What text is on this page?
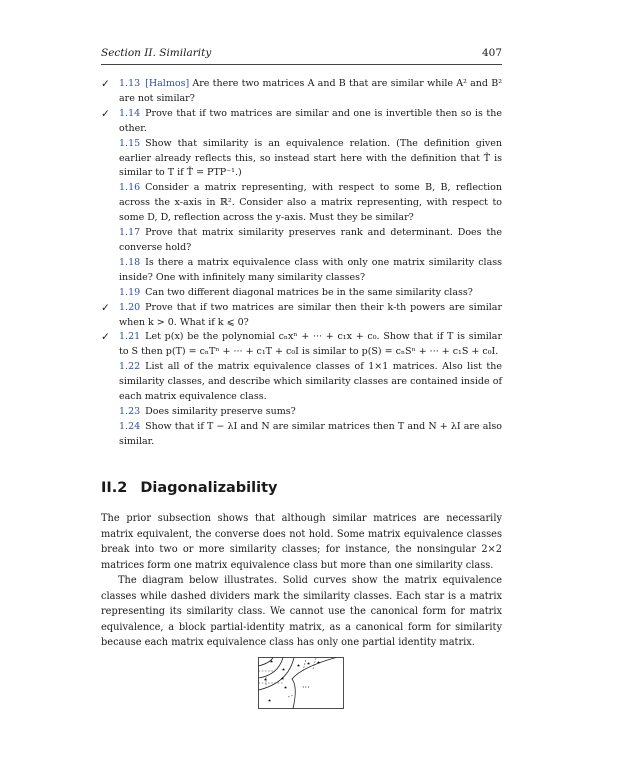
Section II. Similarity	407
✓ 1.13 [Halmos] Are there two matrices A and B that are similar while A² and B² are not similar?
✓ 1.14 Prove that if two matrices are similar and one is invertible then so is the other.
1.15 Show that similarity is an equivalence relation. (The definition given earlier already reflects this, so instead start here with the definition that T̂ is similar to T if T̂ = PTP⁻¹.)
1.16 Consider a matrix representing, with respect to some B, B, reflection across the x-axis in ℝ². Consider also a matrix representing, with respect to some D, D, reflection across the y-axis. Must they be similar?
1.17 Prove that matrix similarity preserves rank and determinant. Does the converse hold?
1.18 Is there a matrix equivalence class with only one matrix similarity class inside? One with infinitely many similarity classes?
1.19 Can two different diagonal matrices be in the same similarity class?
✓ 1.20 Prove that if two matrices are similar then their k-th powers are similar when k > 0. What if k ⩽ 0?
✓ 1.21 Let p(x) be the polynomial cₙxⁿ + ··· + c₁x + c₀. Show that if T is similar to S then p(T) = cₙTⁿ + ··· + c₁T + c₀I is similar to p(S) = cₙSⁿ + ··· + c₁S + c₀I.
1.22 List all of the matrix equivalence classes of 1×1 matrices. Also list the similarity classes, and describe which similarity classes are contained inside of each matrix equivalence class.
1.23 Does similarity preserve sums?
1.24 Show that if T − λI and N are similar matrices then T and N + λI are also similar.
II.2 Diagonalizability

The prior subsection shows that although similar matrices are necessarily matrix equivalent, the converse does not hold. Some matrix equivalence classes break into two or more similarity classes; for instance, the nonsingular 2×2 matrices form one matrix equivalence class but more than one similarity class.

The diagram below illustrates. Solid curves show the matrix equivalence classes while dashed dividers mark the similarity classes. Each star is a matrix representing its similarity class. We cannot use the canonical form for matrix equivalence, a block partial-identity matrix, as a canonical form for similarity because each matrix equivalence class has only one partial identity matrix.

⋆
⋆ ⋆ ⋆ ⋆
⋆ ⋆
⋆
⋆
···
